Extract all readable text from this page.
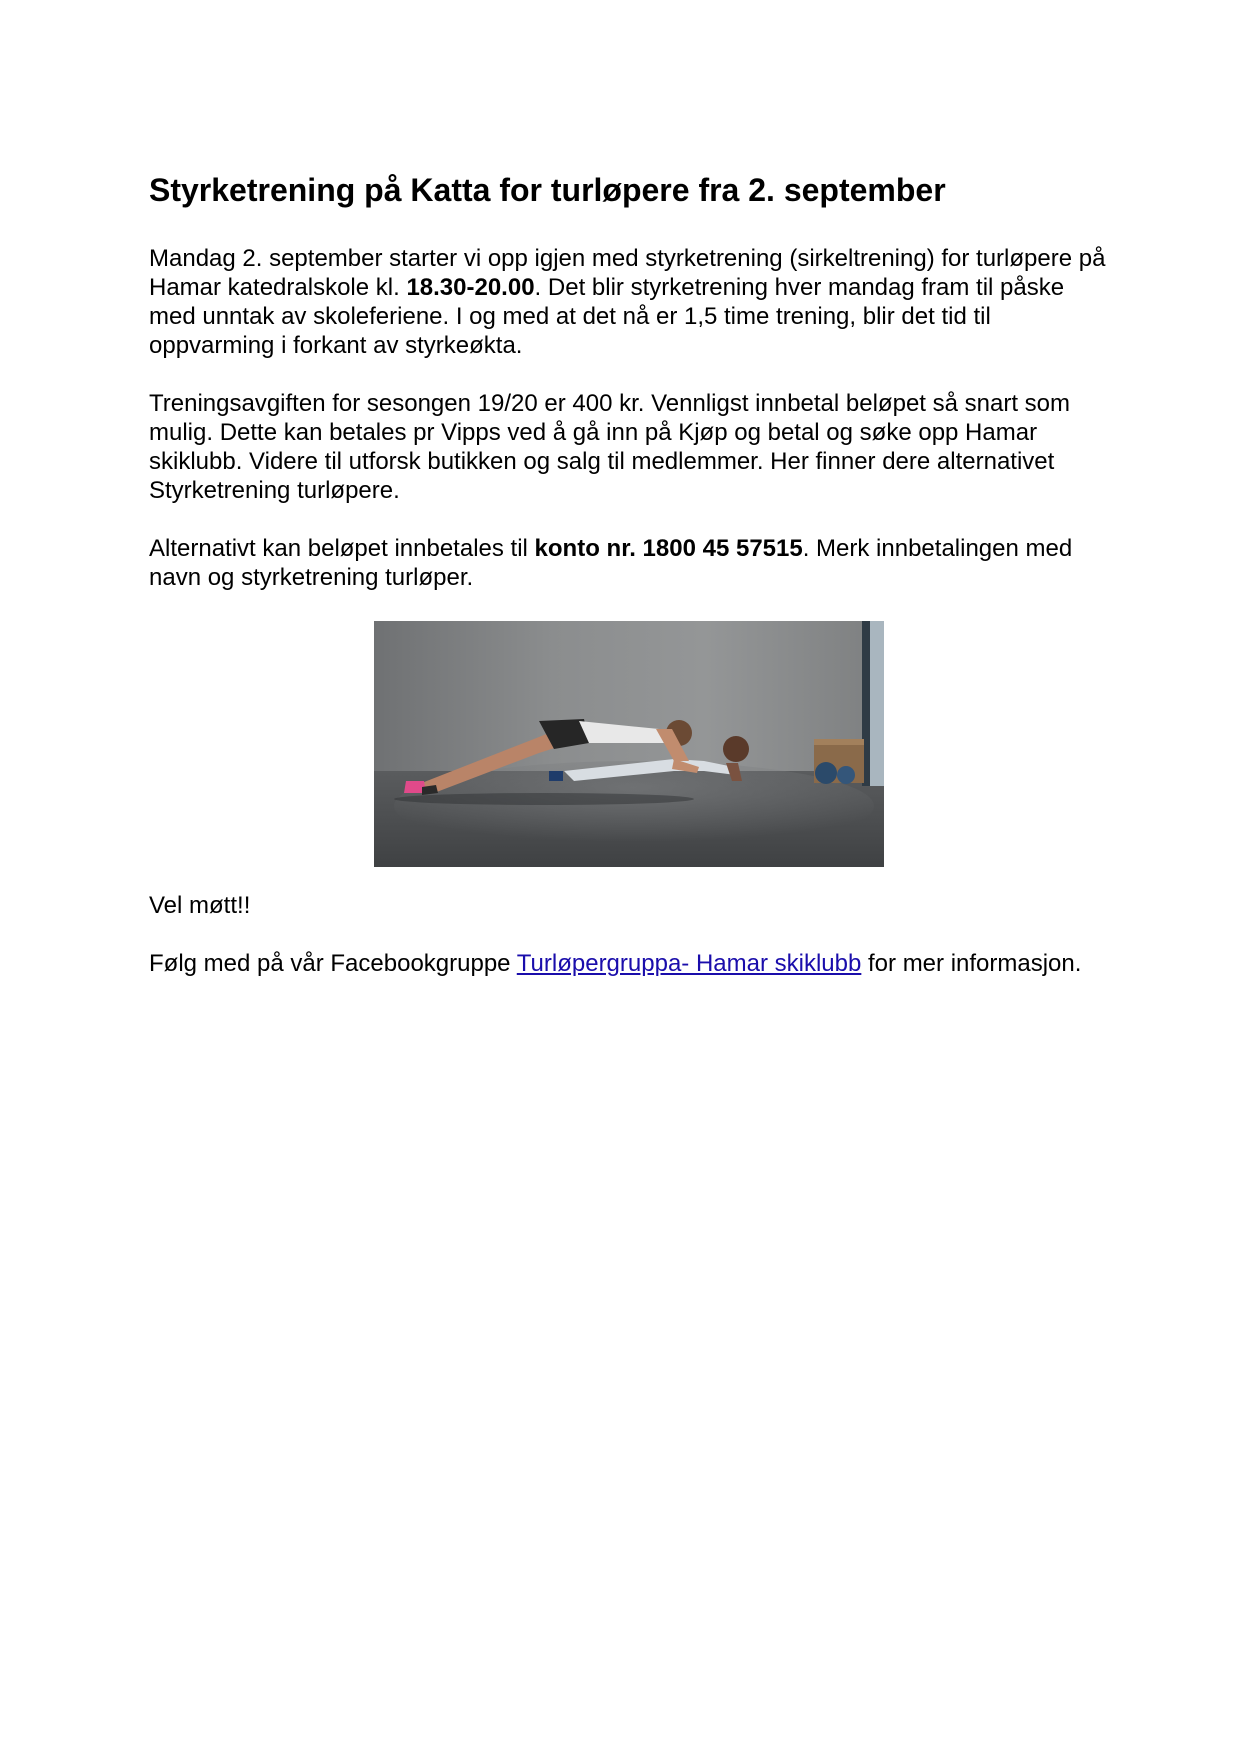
Styrketrening på Katta for turløpere fra 2. september

Mandag 2. september starter vi opp igjen med styrketrening (sirkeltrening) for turløpere på Hamar katedralskole kl. 18.30-20.00. Det blir styrketrening hver mandag fram til påske med unntak av skoleferiene. I og med at det nå er 1,5 time trening, blir det tid til oppvarming i forkant av styrkeøkta.

Treningsavgiften for sesongen 19/20 er 400 kr. Vennligst innbetal beløpet så snart som mulig. Dette kan betales pr Vipps ved å gå inn på Kjøp og betal og søke opp Hamar skiklubb. Videre til utforsk butikken og salg til medlemmer. Her finner dere alternativet Styrketrening turløpere.

Alternativt kan beløpet innbetales til konto nr. 1800 45 57515. Merk innbetalingen med navn og styrketrening turløper.

Vel møtt!!

Følg med på vår Facebookgruppe Turløpergruppa- Hamar skiklubb for mer informasjon.
